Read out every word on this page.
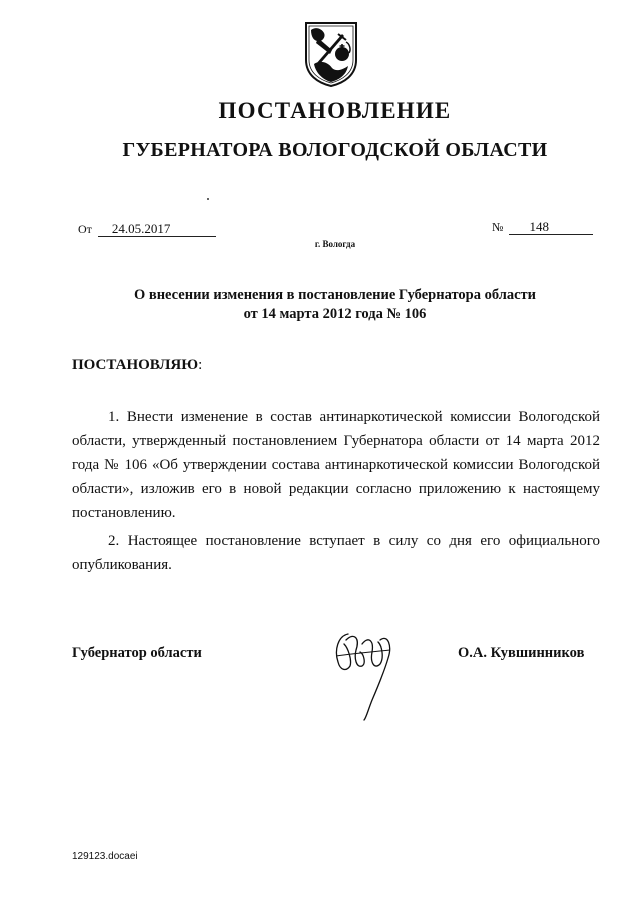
ПОСТАНОВЛЕНИЕ
ГУБЕРНАТОРА ВОЛОГОДСКОЙ ОБЛАСТИ
От 24.05.2017	№ 148
г. Вологда
О внесении изменения в постановление Губернатора области
от 14 марта 2012 года № 106
ПОСТАНОВЛЯЮ:

1. Внести изменение в состав антинаркотической комиссии Вологодской области, утвержденный постановлением Губернатора области от 14 марта 2012 года № 106 «Об утверждении состава антинаркотической комиссии Вологодской области», изложив его в новой редакции согласно приложению к настоящему постановлению.

2. Настоящее постановление вступает в силу со дня его официального опубликования.

Губернатор области	О.А. Кувшинников
129123.docaei
